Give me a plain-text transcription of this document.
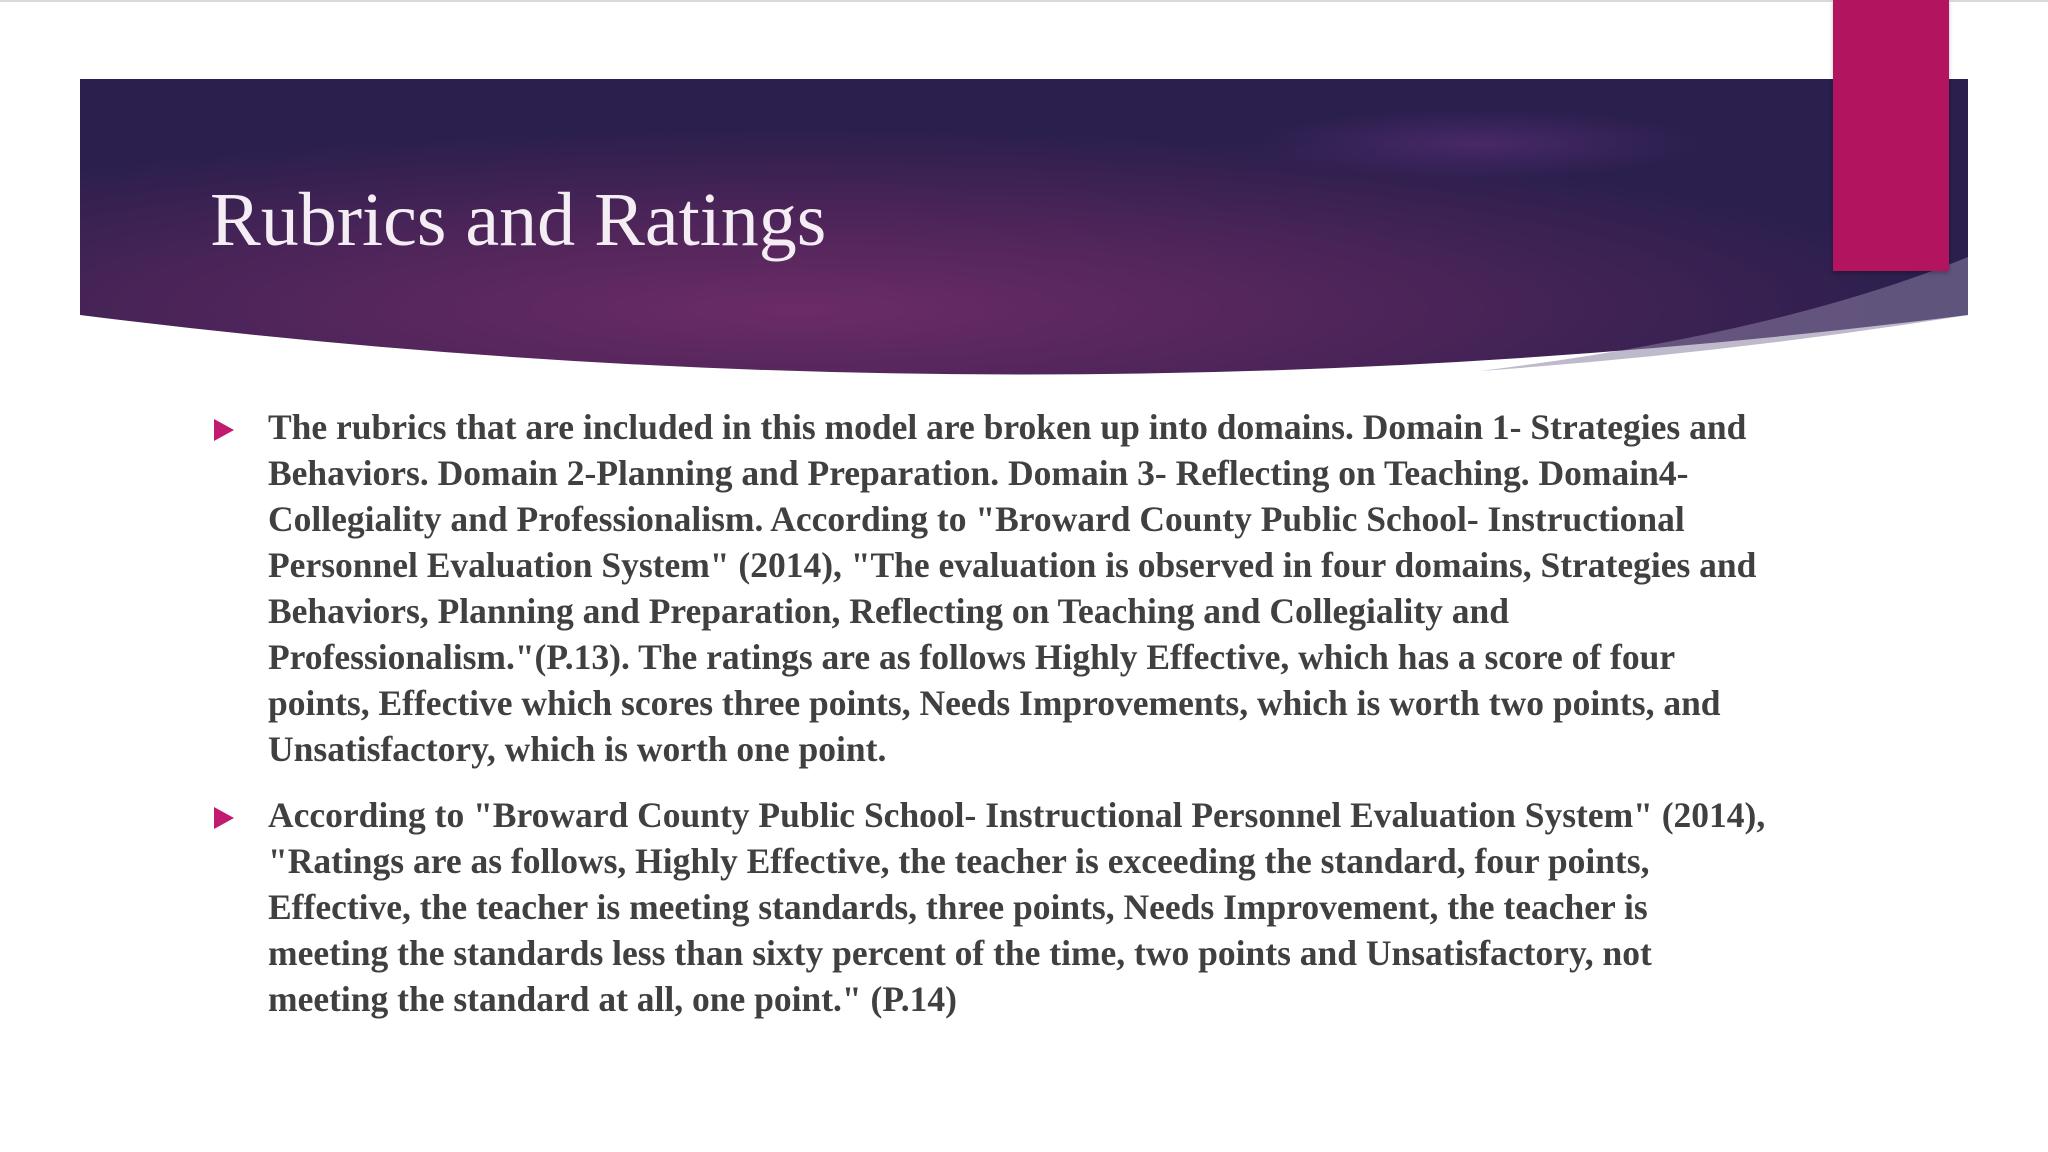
Rubrics and Ratings

The rubrics that are included in this model are broken up into domains. Domain 1- Strategies and Behaviors. Domain 2-Planning and Preparation. Domain 3- Reflecting on Teaching. Domain4-Collegiality and Professionalism. According to "Broward County Public School- Instructional Personnel Evaluation System" (2014), "The evaluation is observed in four domains, Strategies and Behaviors, Planning and Preparation, Reflecting on Teaching and Collegiality and Professionalism."(P.13). The ratings are as follows Highly Effective, which has a score of four points, Effective which scores three points, Needs Improvements, which is worth two points, and Unsatisfactory, which is worth one point.

According to "Broward County Public School- Instructional Personnel Evaluation System" (2014), "Ratings are as follows, Highly Effective, the teacher is exceeding the standard, four points, Effective, the teacher is meeting standards, three points, Needs Improvement, the teacher is meeting the standards less than sixty percent of the time, two points and Unsatisfactory, not meeting the standard at all, one point." (P.14)
